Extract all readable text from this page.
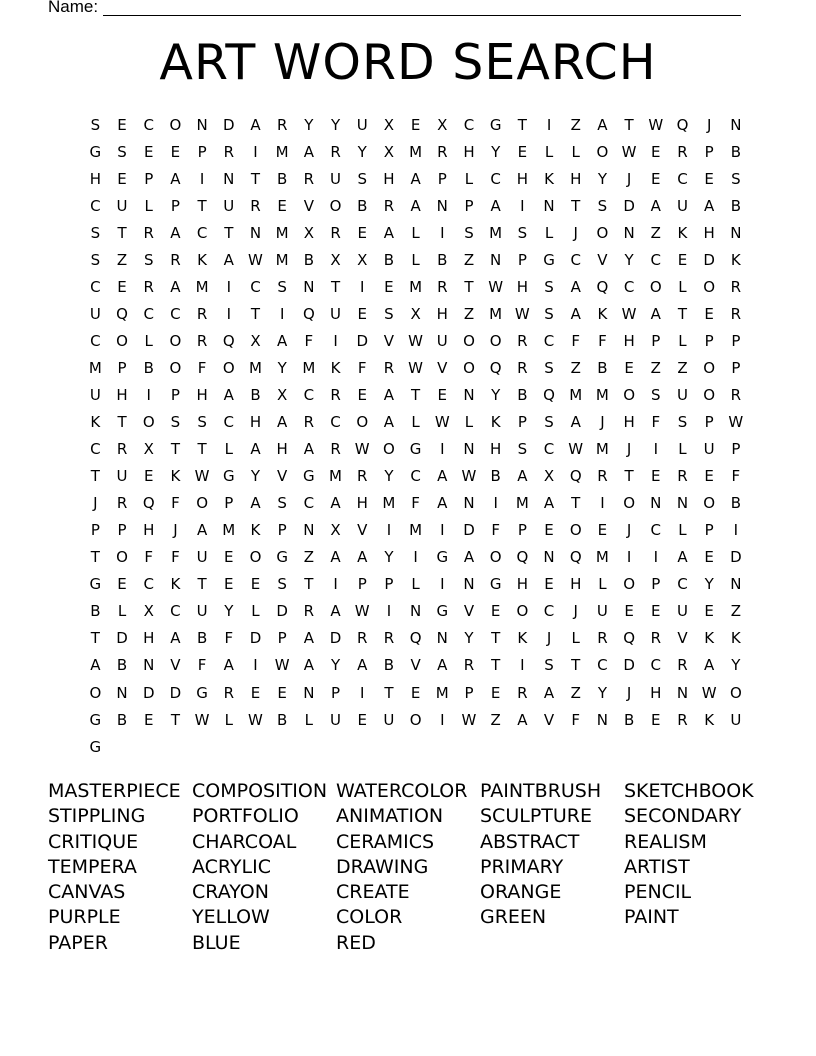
Name:
ART WORD SEARCH
S	E	C	O	N	D	A	R	Y	Y	U	X	E	X	C	G	T	I	Z	A	T W Q	J	N
G	S	E	E	P	R	I	M	A	R	Y	X	M	R	H	Y	E	L	L	O W E	R	P	B
H	E	P	A	I	N	T	B	R	U	S	H	A	P	L	C	H	K	H	Y	J	E	C	E	S
C	U	L	P	T	U	R	E	V	O	B	R	A	N	P	A	I	N	T	S	D	A	U	A	B
S	T	R	A	C	T	N M	X	R	E	A	L	I	S	M	S	L	J	O	N	Z	K	H	N
S	Z	S	R	K	A W M	B	X	X	B	L	B	Z	N	P	G	C	V	Y	C	E	D	K
C	E	R	A	M	I	C	S	N	T	I	E	M	R	T W H	S	A	Q	C	O	L	O	R
U	Q	C	C	R	I	T	I	Q	U	E	S	X	H	Z	M W S	A	K W A	T	E	R
C	O	L	O	R	Q	X	A	F	I	D	V W U	O O	R	C	F	F	H	P	L	P	P
M	P	B	O	F	O M	Y	M	K	F	R W V	O Q	R	S	Z	B	E	Z	Z	O	P
U	H	I	P	H	A	B	X	C	R	E	A	T	E	N	Y	B	Q M M O	S	U	O	R
K	T	O	S	S	C	H	A	R	C	O	A	L	W	L	K	P	S	A	J	H	F	S	P W
C	R	X	T	T	L	A	H	A	R W O G	I	N	H	S	C W M	J	I	L	U	P
T	U	E	K W G	Y	V	G M	R	Y	C	A W B	A	X	Q	R	T	E	R	E	F
J	R	Q	F	O	P	A	S	C	A	H M	F	A	N	I	M	A	T	I	O	N	N	O	B
P	P	H	J	A	M	K	P	N	X	V	I	M	I	D	F	P	E	O	E	J	C	L	P	I
T	O	F	F	U	E	O G	Z	A	A	Y	I	G	A	O Q	N	Q M	I	I	A	E	D
G	E	C	K	T	E	E	S	T	I	P	P	L	I	N	G	H	E	H	L	O	P	C	Y	N
B	L	X	C	U	Y	L	D	R	A W	I	N	G	V	E	O	C	J	U	E	E	U	E	Z
T	D	H	A	B	F	D	P	A	D	R	R	Q	N	Y	T	K	J	L	R	Q	R	V	K	K
A	B	N	V	F	A	I	W A	Y	A	B	V	A	R	T	I	S	T	C	D	C	R	A	Y
O	N	D	D	G	R	E	E	N	P	I	T	E	M	P	E	R	A	Z	Y	J	H	N W O
G	B	E	T W	L	W B	L	U	E	U	O	I	W Z	A	V	F	N	B	E	R	K	U
G
MASTERPIECE COMPOSITION WATERCOLOR PAINTBRUSH	SKETCHBOOK
STIPPLING	PORTFOLIO	ANIMATION	SCULPTURE	SECONDARY
CRITIQUE	CHARCOAL	CERAMICS	ABSTRACT	REALISM
TEMPERA	ACRYLIC	DRAWING	PRIMARY	ARTIST
CANVAS	CRAYON	CREATE	ORANGE	PENCIL
PURPLE	YELLOW	COLOR	GREEN	PAINT
PAPER	BLUE	RED
